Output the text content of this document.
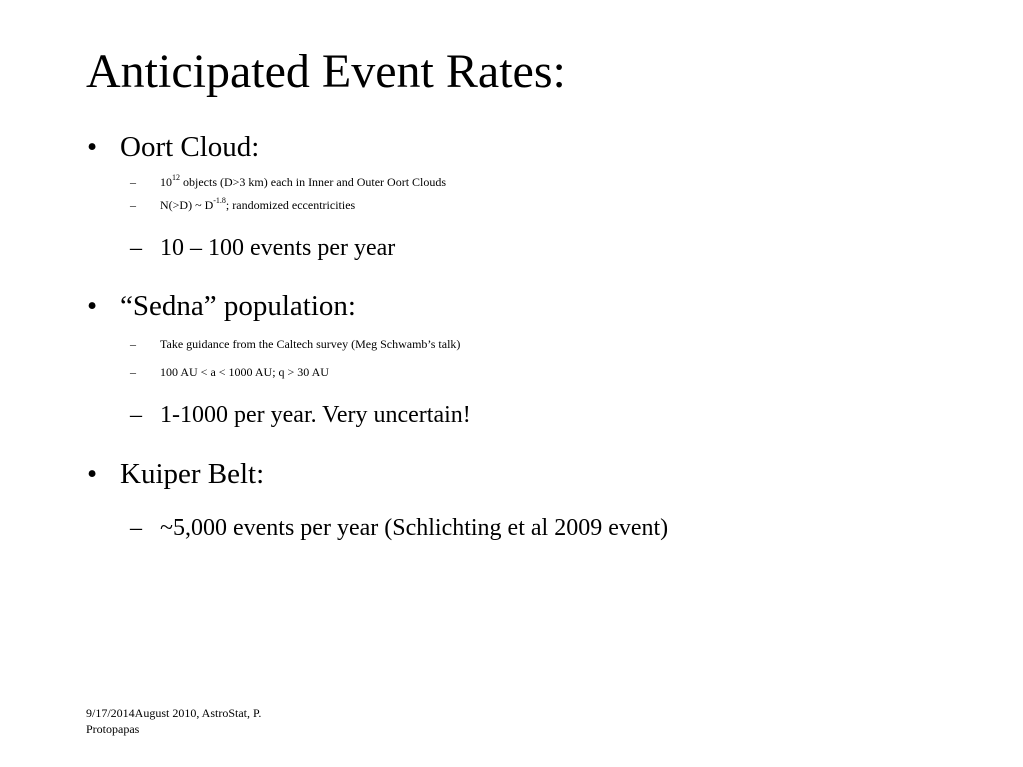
Anticipated Event Rates:
• Oort Cloud:
– $10^{12}$ objects (D>3 km) each in Inner and Outer Oort Clouds
– N(>D) ~ $D^{-1.8}$; randomized eccentricities
– 10 – 100 events per year
• “Sedna” population:
– Take guidance from the Caltech survey (Meg Schwamb’s talk)
– 100 AU < a < 1000 AU; q > 30 AU
– 1-1000 per year. Very uncertain!
• Kuiper Belt:
– ~5,000 events per year (Schlichting et al 2009 event)
9/17/2014August 2010, AstroStat, P. Protopapas
